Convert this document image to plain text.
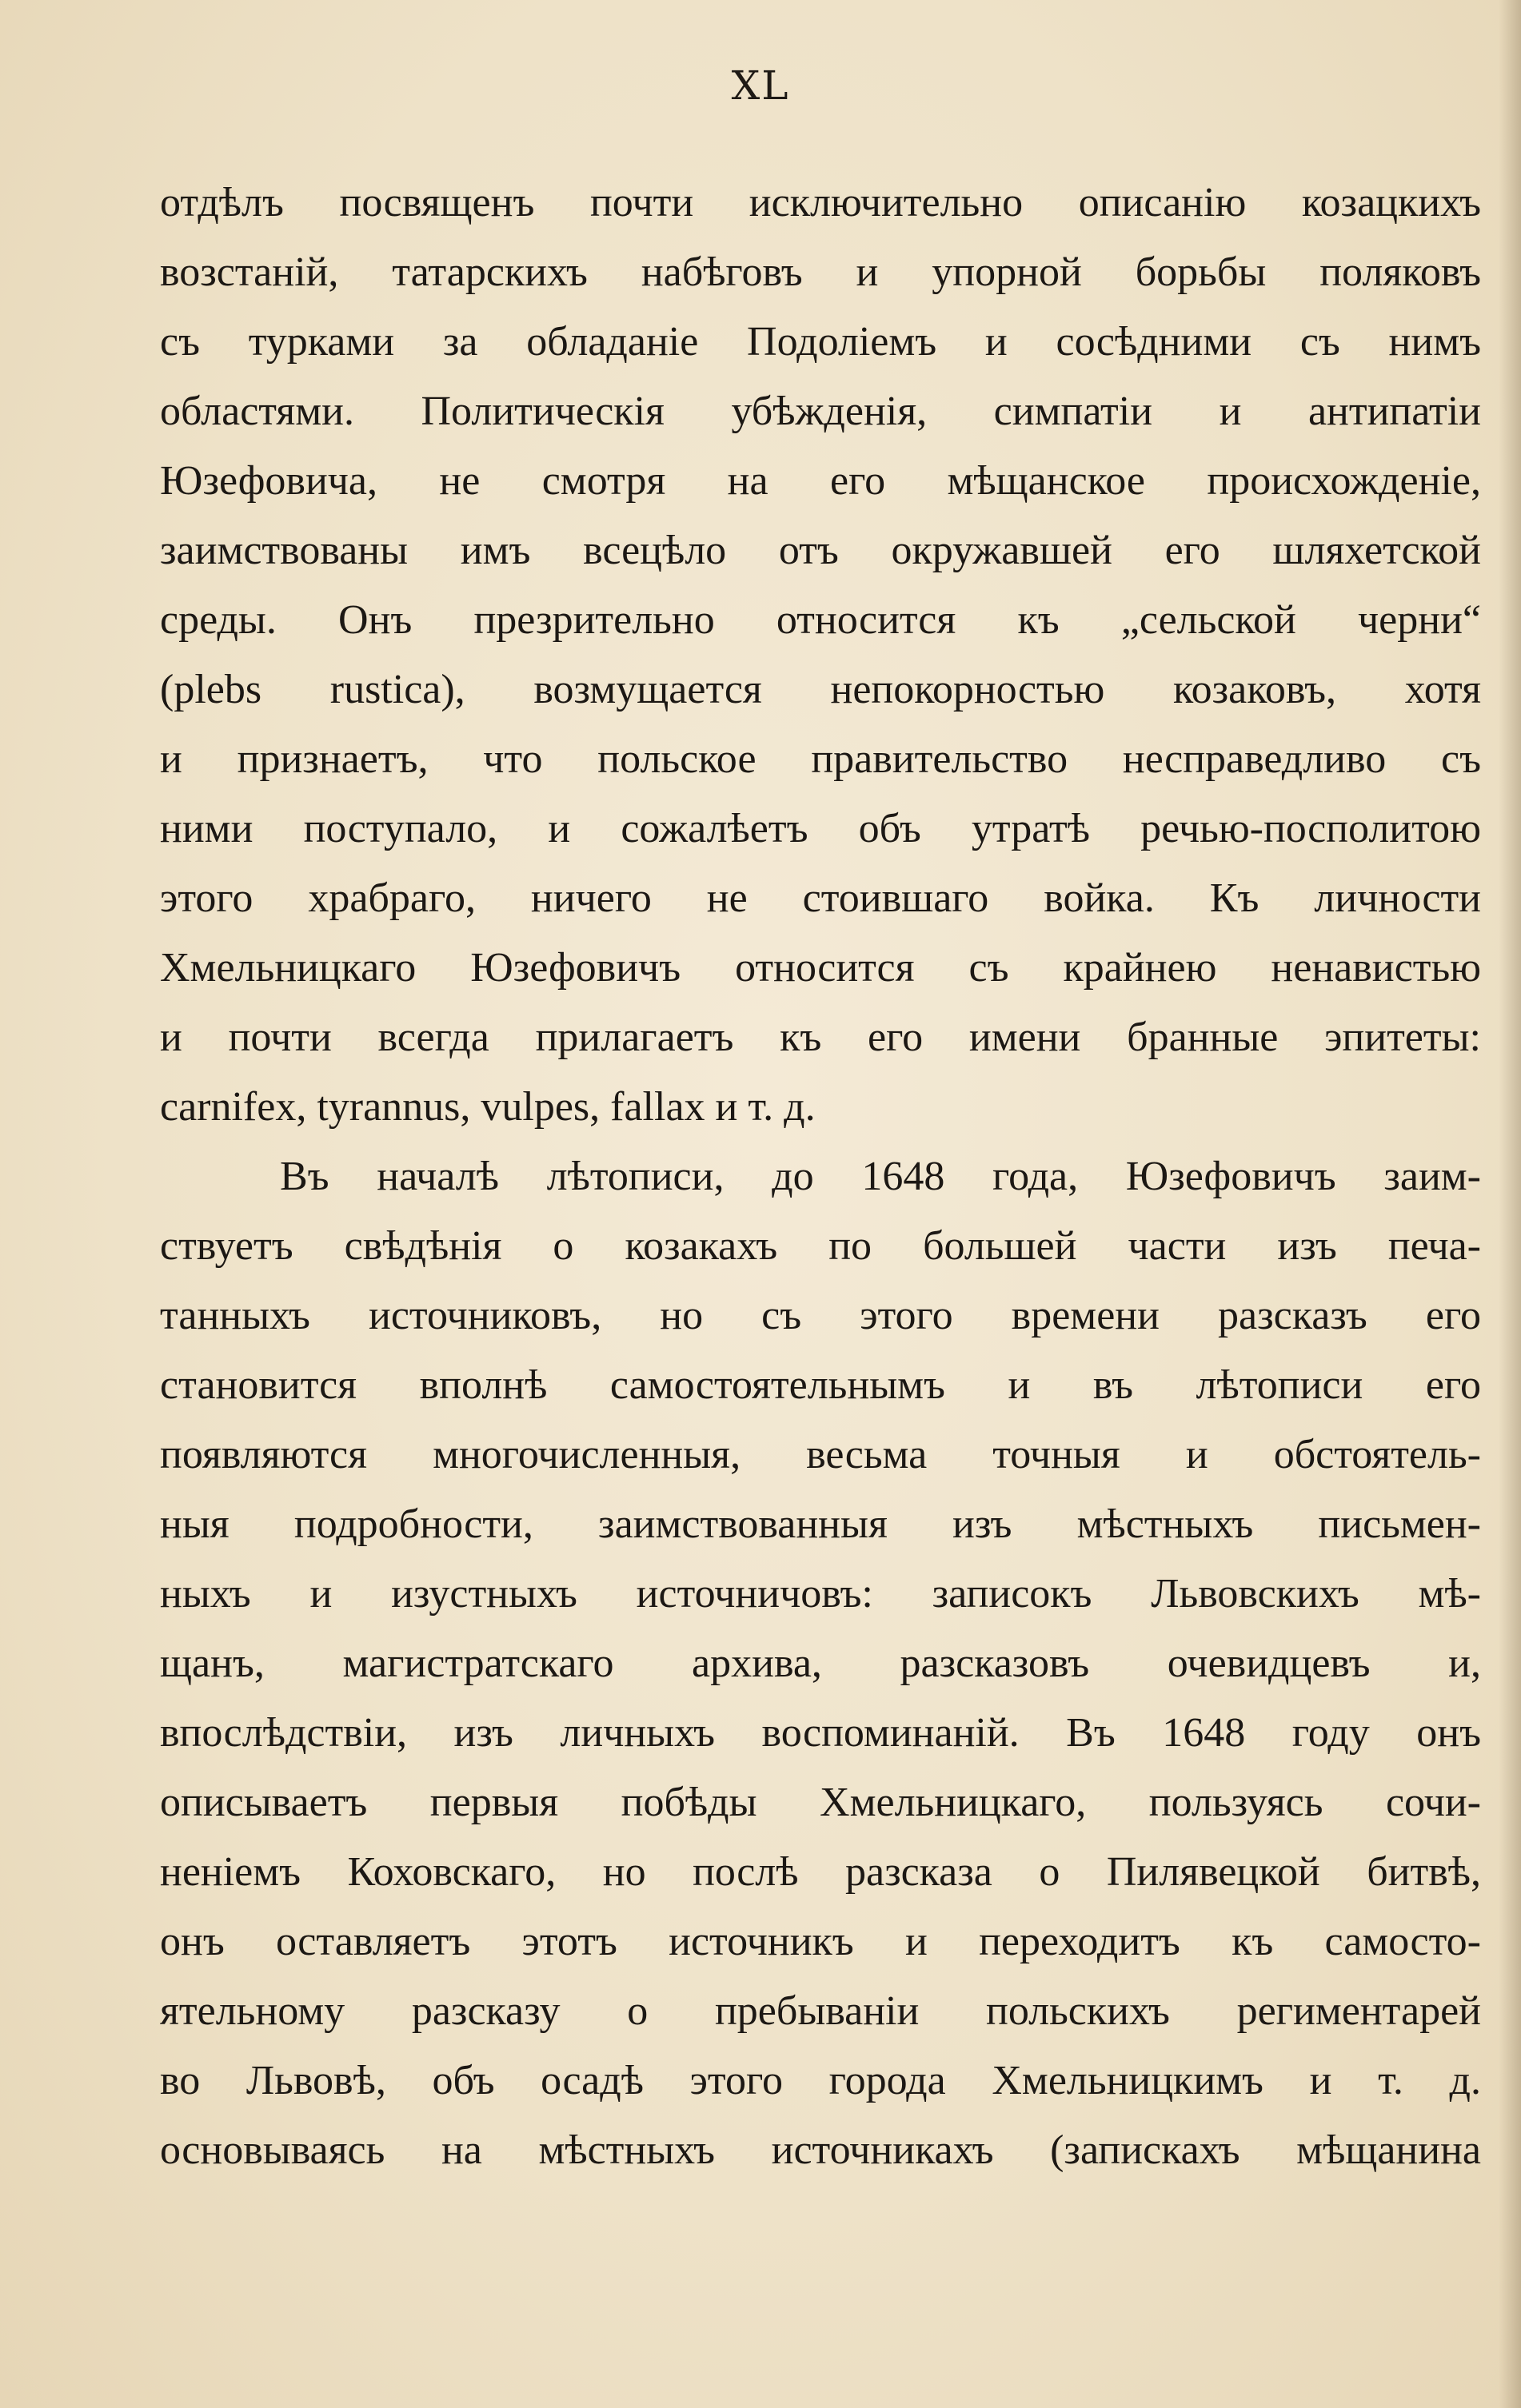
XL
отдѣлъ посвященъ почти исключительно описанію козацкихъ
возстаній, татарскихъ набѣговъ и упорной борьбы поляковъ
съ турками за обладаніе Подоліемъ и сосѣдними съ нимъ
областями. Политическія убѣжденія, симпатіи и антипатіи
Юзефовича, не смотря на его мѣщанское происхожденіе,
заимствованы имъ всецѣло отъ окружавшей его шляхетской
среды. Онъ презрительно относится къ „сельской черни“
(plebs rustica), возмущается непокорностью козаковъ, хотя
и признаетъ, что польское правительство несправедливо съ
ними поступало, и сожалѣетъ объ утратѣ речью-посполитою
этого храбраго, ничего не стоившаго войка. Къ личности
Хмельницкаго Юзефовичъ относится съ крайнею ненавистью
и почти всегда прилагаетъ къ его имени бранные эпитеты:
carnifex, tyrannus, vulpes, fallax и т. д.
Въ началѣ лѣтописи, до 1648 года, Юзефовичъ заим-
ствуетъ свѣдѣнія о козакахъ по большей части изъ печа-
танныхъ источниковъ, но съ этого времени разсказъ его
становится вполнѣ самостоятельнымъ и въ лѣтописи его
появляются многочисленныя, весьма точныя и обстоятель-
ныя подробности, заимствованныя изъ мѣстныхъ письмен-
ныхъ и изустныхъ источничовъ: записокъ Львовскихъ мѣ-
щанъ, магистратскаго архива, разсказовъ очевидцевъ и,
впослѣдствіи, изъ личныхъ воспоминаній. Въ 1648 году онъ
описываетъ первыя побѣды Хмельницкаго, пользуясь сочи-
неніемъ Коховскаго, но послѣ разсказа о Пилявецкой битвѣ,
онъ оставляетъ этотъ источникъ и переходитъ къ самосто-
ятельному разсказу о пребываніи польскихъ региментарей
во Львовѣ, объ осадѣ этого города Хмельницкимъ и т. д.
основываясь на мѣстныхъ источникахъ (запискахъ мѣщанина
